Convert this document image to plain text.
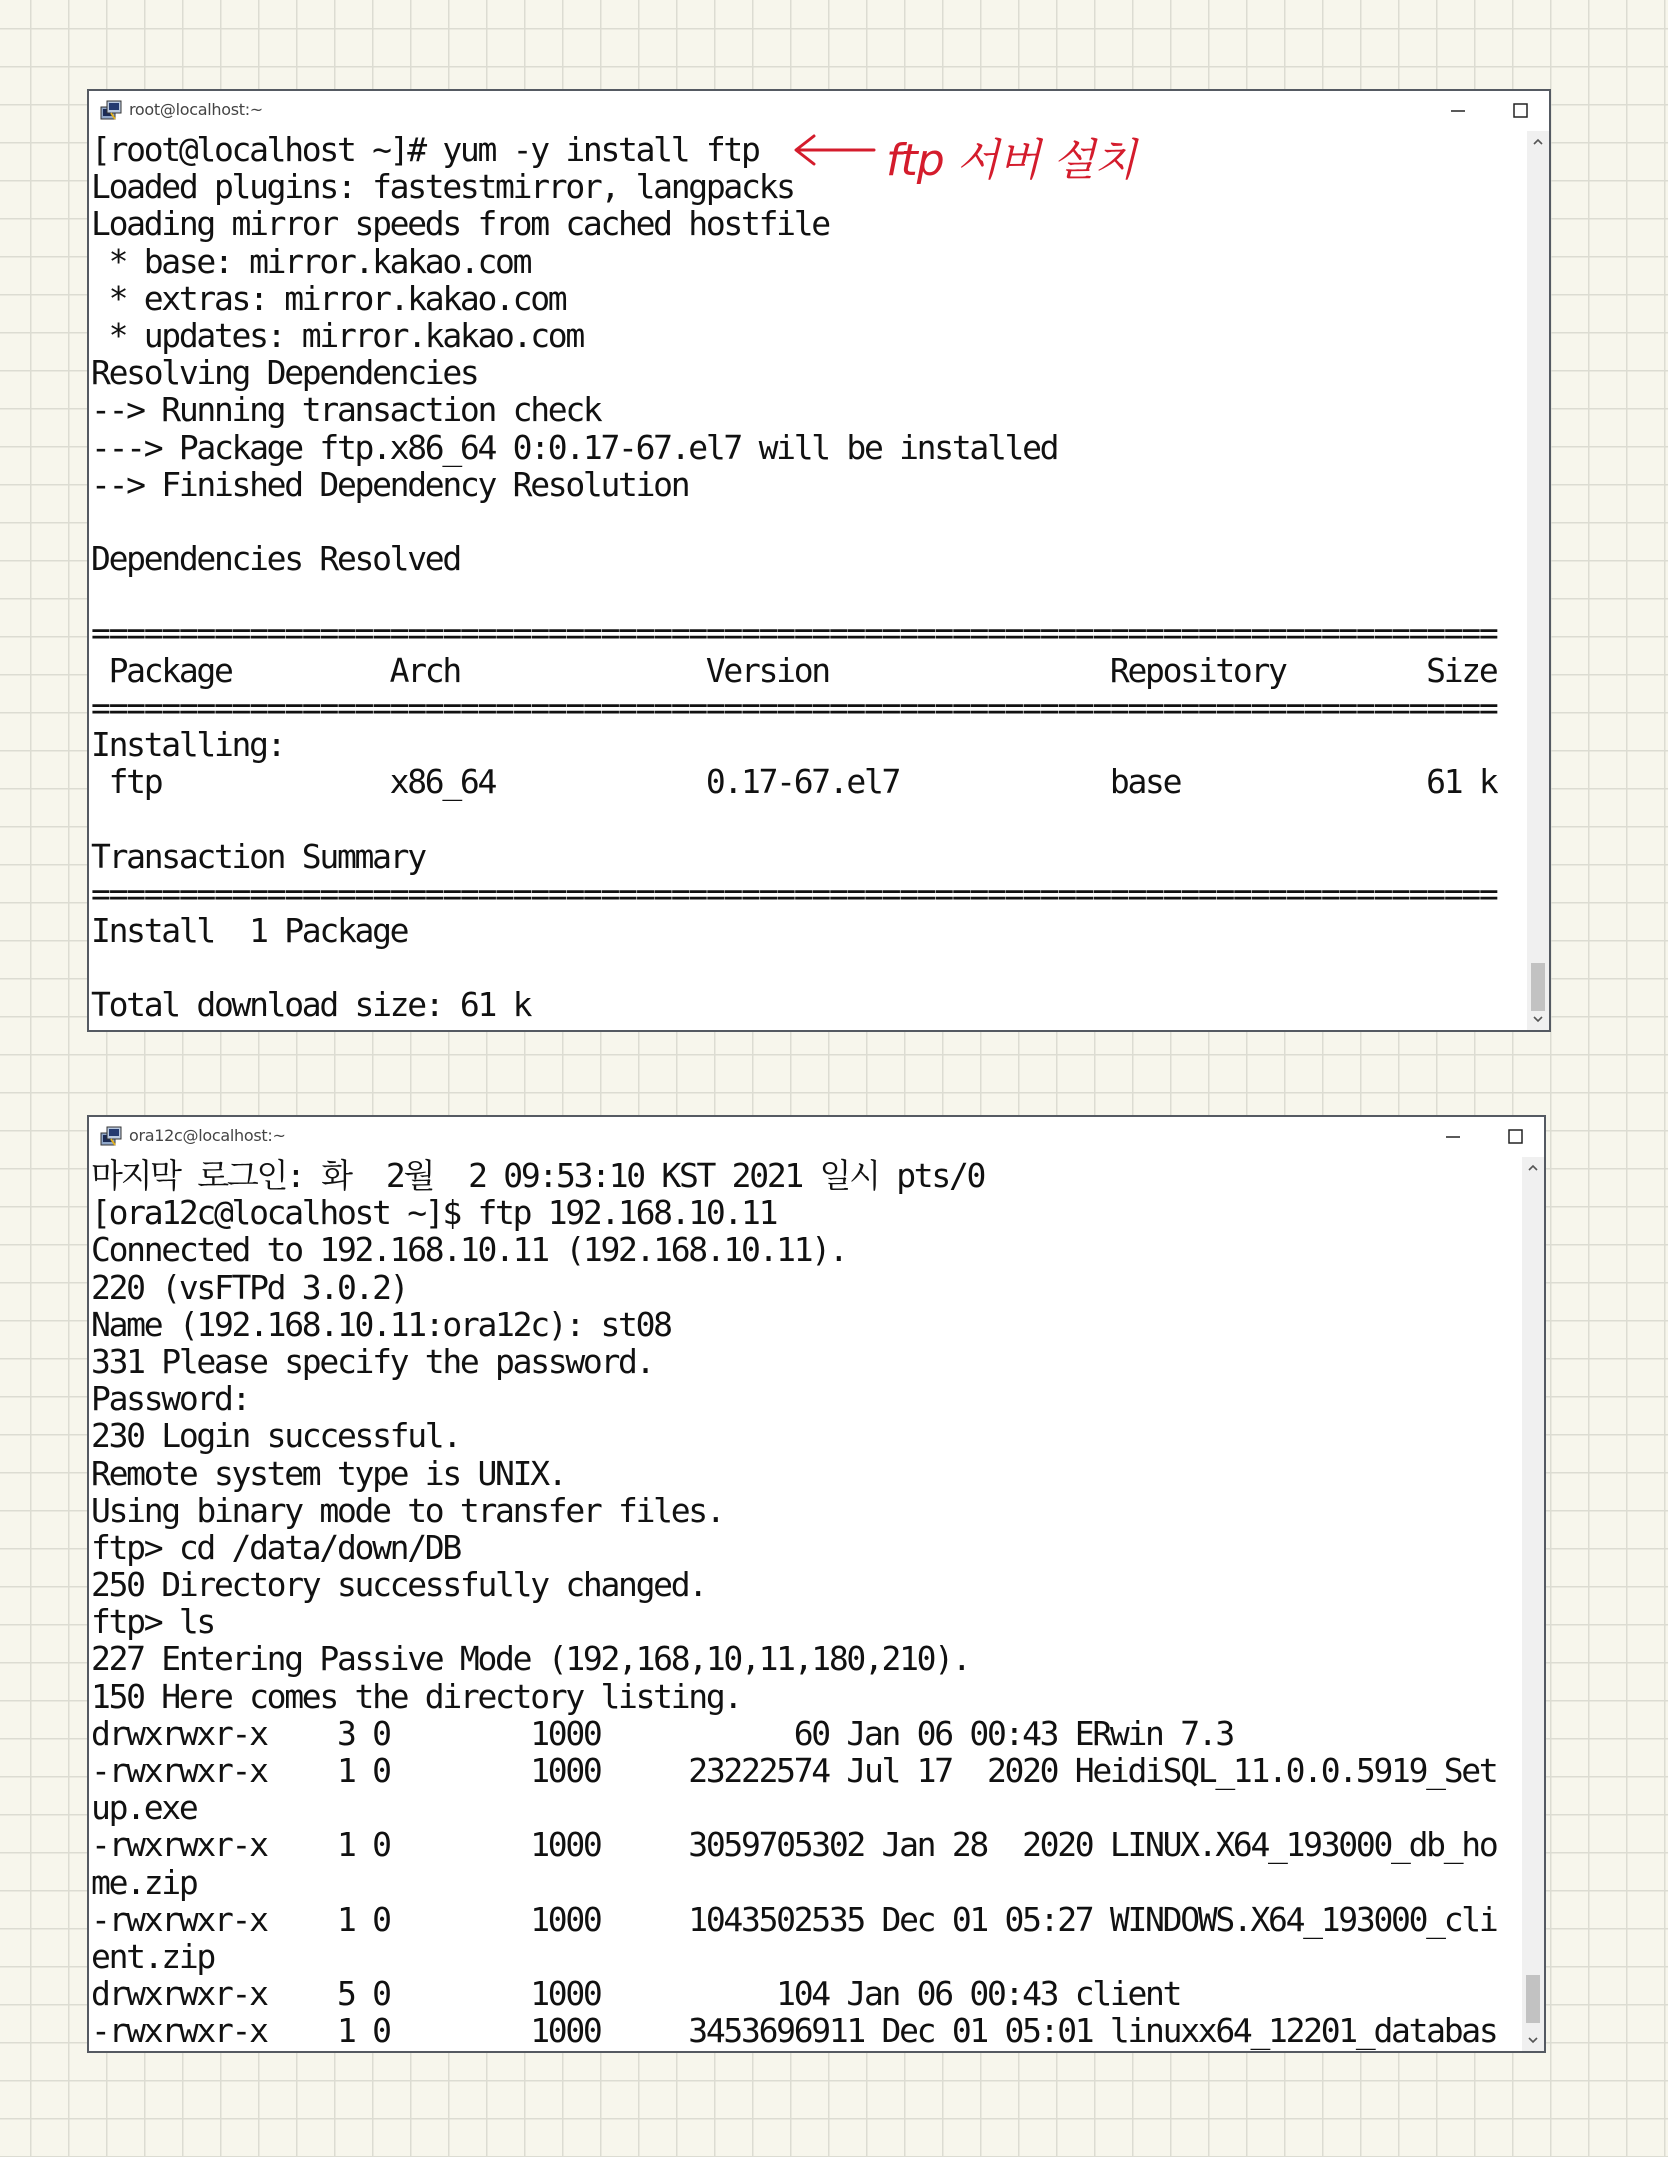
root@localhost:~
[root@localhost ~]# yum -y install ftp
Loaded plugins: fastestmirror, langpacks
Loading mirror speeds from cached hostfile
* base: mirror.kakao.com
* extras: mirror.kakao.com
* updates: mirror.kakao.com
Resolving Dependencies
--> Running transaction check
---> Package ftp.x86_64 0:0.17-67.el7 will be installed
--> Finished Dependency Resolution
Dependencies Resolved
================================================================================
Package         Arch              Version                Repository        Size
================================================================================
Installing:
ftp             x86_64            0.17-67.el7            base              61 k
Transaction Summary
================================================================================
Install  1 Package
Total download size: 61 k
ftp 서버 설치
ora12c@localhost:~
마지막 로그인: 화  2월  2 09:53:10 KST 2021 일시 pts/0
[ora12c@localhost ~]$ ftp 192.168.10.11
Connected to 192.168.10.11 (192.168.10.11).
220 (vsFTPd 3.0.2)
Name (192.168.10.11:ora12c): st08
331 Please specify the password.
Password:
230 Login successful.
Remote system type is UNIX.
Using binary mode to transfer files.
ftp> cd /data/down/DB
250 Directory successfully changed.
ftp> ls
227 Entering Passive Mode (192,168,10,11,180,210).
150 Here comes the directory listing.
drwxrwxr-x    3 0        1000           60 Jan 06 00:43 ERwin 7.3
-rwxrwxr-x    1 0        1000     23222574 Jul 17  2020 HeidiSQL_11.0.0.5919_Set
up.exe
-rwxrwxr-x    1 0        1000     3059705302 Jan 28  2020 LINUX.X64_193000_db_ho
me.zip
-rwxrwxr-x    1 0        1000     1043502535 Dec 01 05:27 WINDOWS.X64_193000_cli
ent.zip
drwxrwxr-x    5 0        1000          104 Jan 06 00:43 client
-rwxrwxr-x    1 0        1000     3453696911 Dec 01 05:01 linuxx64_12201_databas
